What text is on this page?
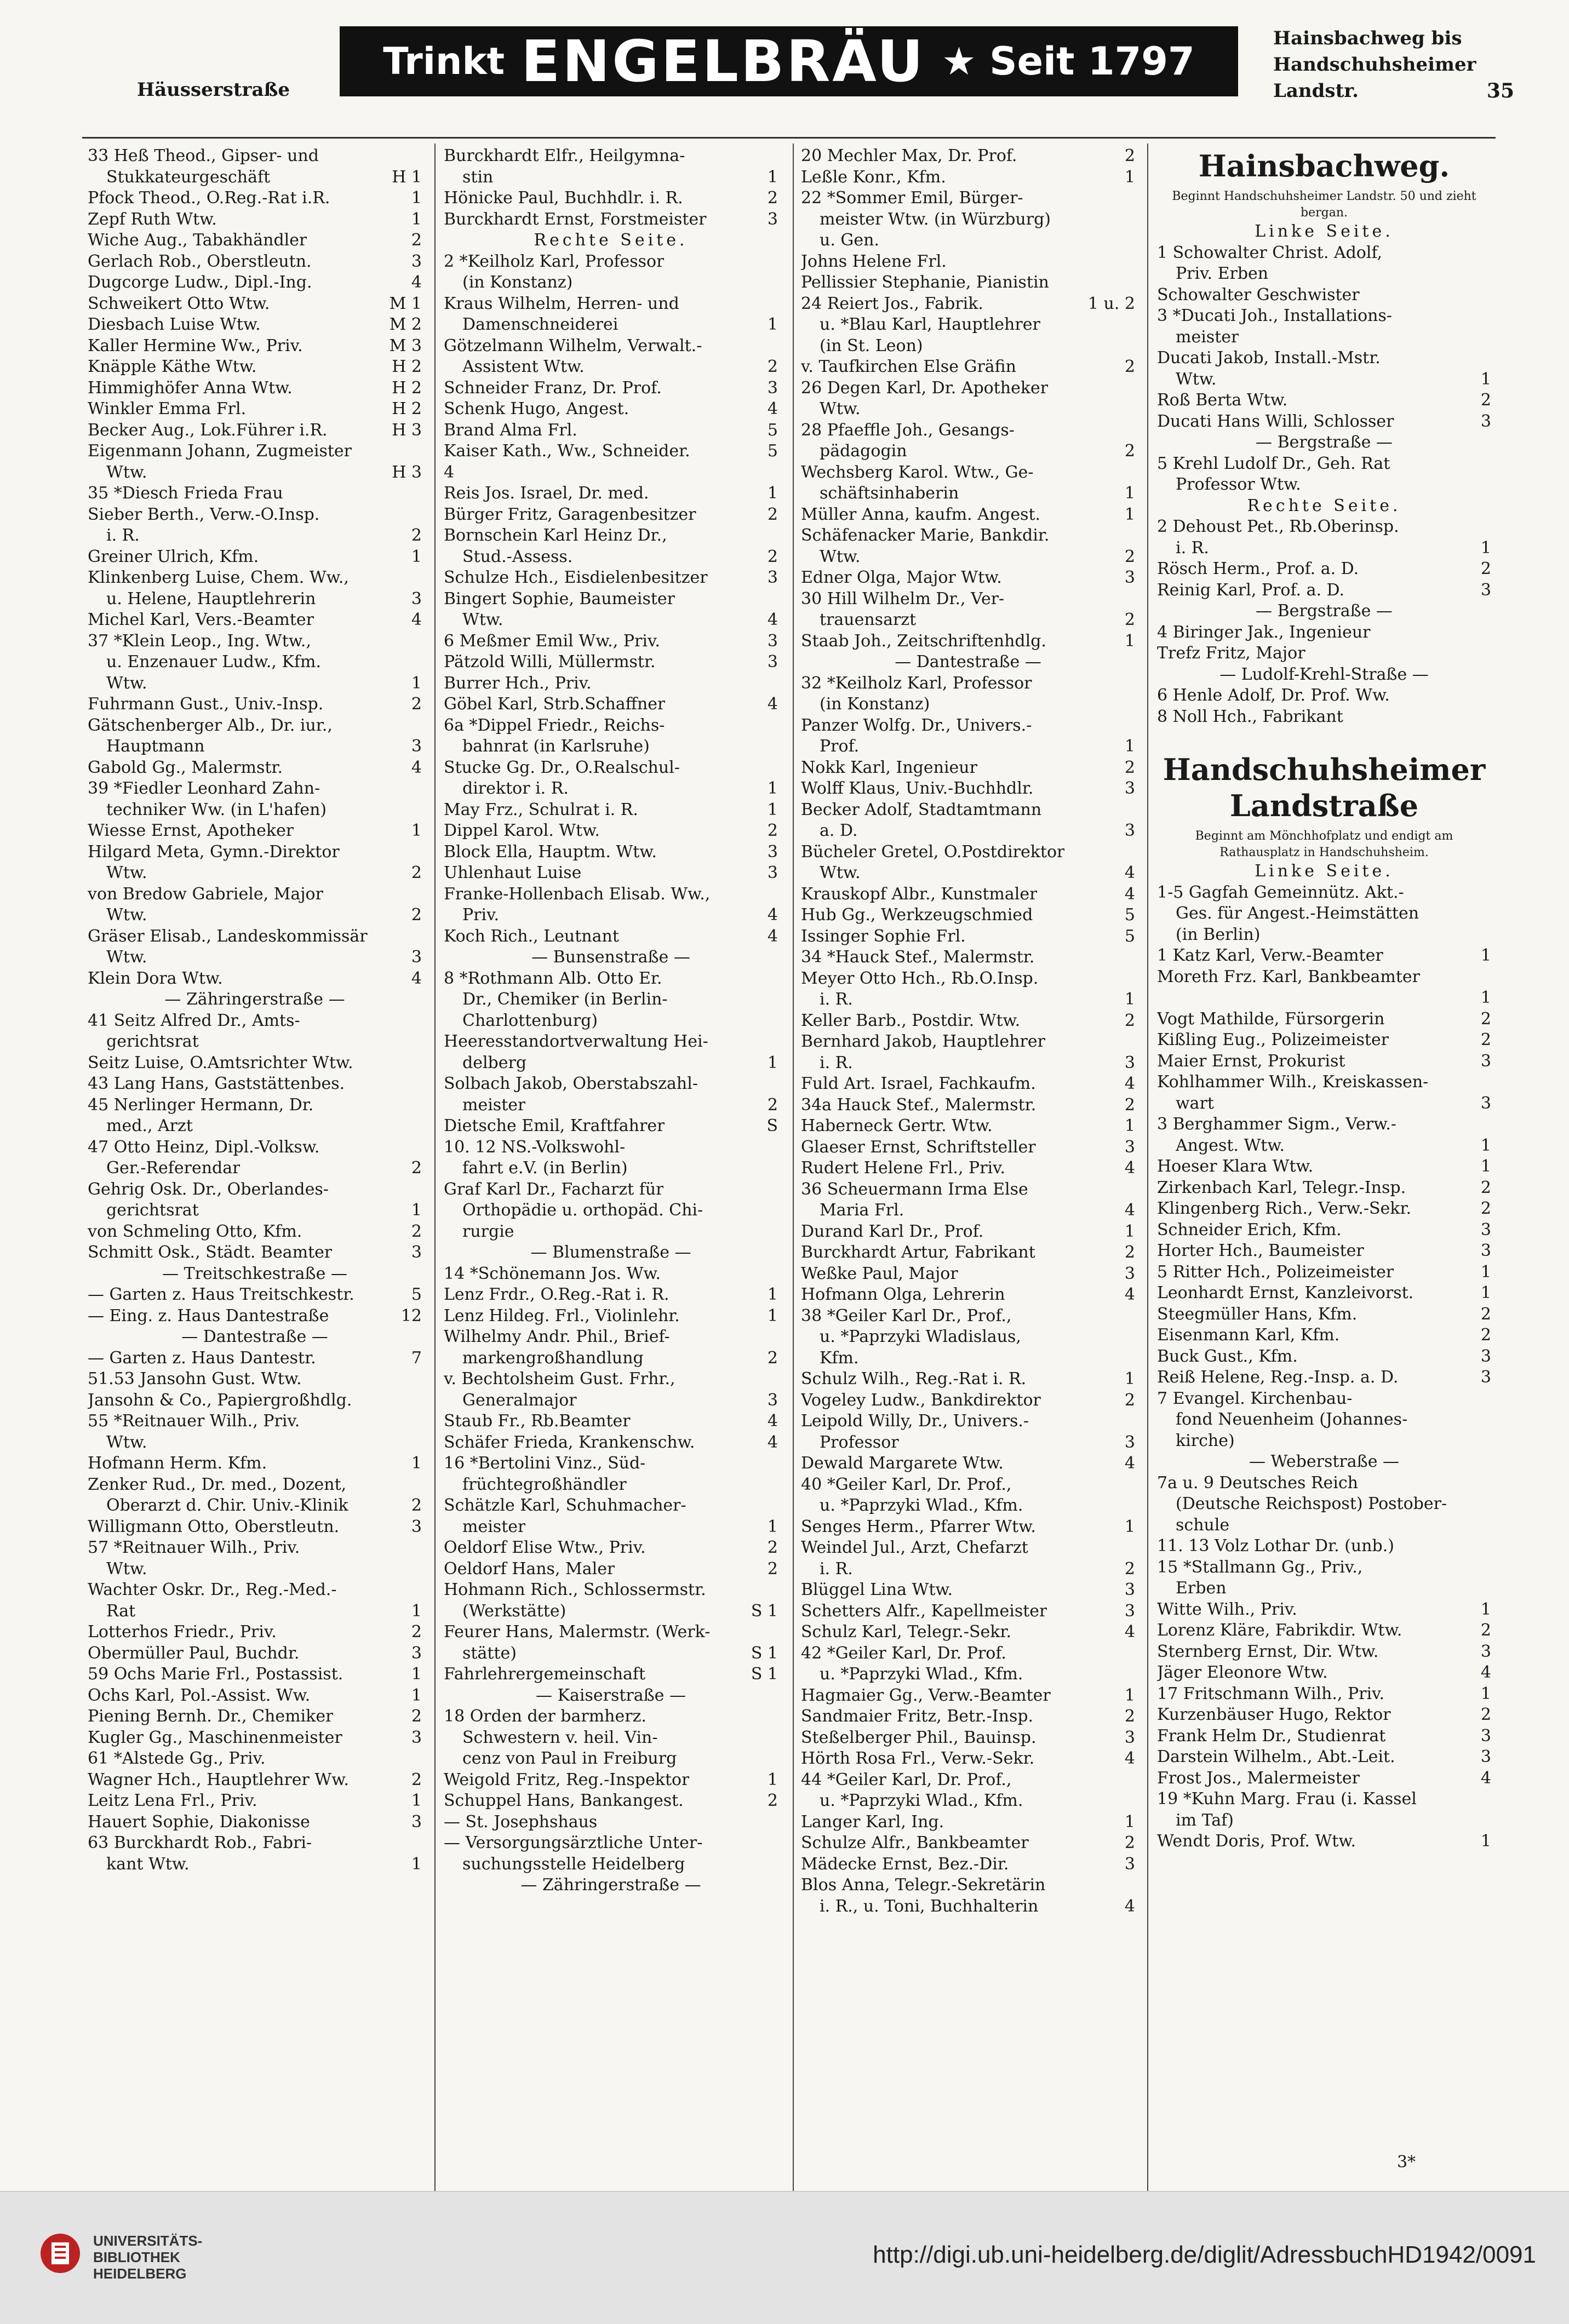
Trinkt ENGELBRÄU ★ Seit 1797
Häusserstraße
Hainsbachweg bis
Handschuhsheimer
Landstr.	35
33 Heß Theod., Gipser- und
Stukkateurgeschäft	H 1
Pfock Theod., O.Reg.-Rat i.R.	1
Zepf Ruth Wtw.	1
Wiche Aug., Tabakhändler	2
Gerlach Rob., Oberstleutn.	3
Dugcorge Ludw., Dipl.-Ing.	4
Schweikert Otto Wtw.	M 1
Diesbach Luise Wtw.	M 2
Kaller Hermine Ww., Priv.	M 3
Knäpple Käthe Wtw.	H 2
Himmighöfer Anna Wtw.	H 2
Winkler Emma Frl.	H 2
Becker Aug., Lok.Führer i.R.	H 3
Eigenmann Johann, Zugmeister
Wtw.	H 3
35 *Diesch Frieda Frau
Sieber Berth., Verw.-O.Insp.
i. R.	2
Greiner Ulrich, Kfm.	1
Klinkenberg Luise, Chem. Ww.,
u. Helene, Hauptlehrerin	3
Michel Karl, Vers.-Beamter	4
37 *Klein Leop., Ing. Wtw.,
u. Enzenauer Ludw., Kfm.
Wtw.	1
Fuhrmann Gust., Univ.-Insp.	2
Gätschenberger Alb., Dr. iur.,
Hauptmann	3
Gabold Gg., Malermstr.	4
39 *Fiedler Leonhard Zahn-
techniker Ww. (in L'hafen)
Wiesse Ernst, Apotheker	1
Hilgard Meta, Gymn.-Direktor
Wtw.	2
von Bredow Gabriele, Major
Wtw.	2
Gräser Elisab., Landeskommissär
Wtw.	3
Klein Dora Wtw.	4
— Zähringerstraße —
41 Seitz Alfred Dr., Amts-
gerichtsrat
Seitz Luise, O.Amtsrichter Wtw.
43 Lang Hans, Gaststättenbes.
45 Nerlinger Hermann, Dr.
med., Arzt
47 Otto Heinz, Dipl.-Volksw.
Ger.-Referendar	2
Gehrig Osk. Dr., Oberlandes-
gerichtsrat	1
von Schmeling Otto, Kfm.	2
Schmitt Osk., Städt. Beamter	3
— Treitschkestraße —
— Garten z. Haus Treitschkestr.	5
— Eing. z. Haus Dantestraße	12
— Dantestraße —
— Garten z. Haus Dantestr.	7
51.53 Jansohn Gust. Wtw.
Jansohn & Co., Papiergroßhdlg.
55 *Reitnauer Wilh., Priv.
Wtw.
Hofmann Herm. Kfm.	1
Zenker Rud., Dr. med., Dozent,
Oberarzt d. Chir. Univ.-Klinik	2
Willigmann Otto, Oberstleutn.	3
57 *Reitnauer Wilh., Priv.
Wtw.
Wachter Oskr. Dr., Reg.-Med.-
Rat	1
Lotterhos Friedr., Priv.	2
Obermüller Paul, Buchdr.	3
59 Ochs Marie Frl., Postassist.	1
Ochs Karl, Pol.-Assist. Ww.	1
Piening Bernh. Dr., Chemiker	2
Kugler Gg., Maschinenmeister	3
61 *Alstede Gg., Priv.
Wagner Hch., Hauptlehrer Ww.	2
Leitz Lena Frl., Priv.	1
Hauert Sophie, Diakonisse	3
63 Burckhardt Rob., Fabri-
kant Wtw.	1
Burckhardt Elfr., Heilgymna-
stin	1
Hönicke Paul, Buchhdlr. i. R.	2
Burckhardt Ernst, Forstmeister	3
Rechte Seite.
2 *Keilholz Karl, Professor
(in Konstanz)
Kraus Wilhelm, Herren- und
Damenschneiderei	1
Götzelmann Wilhelm, Verwalt.-
Assistent Wtw.	2
Schneider Franz, Dr. Prof.	3
Schenk Hugo, Angest.	4
Brand Alma Frl.	5
Kaiser Kath., Ww., Schneider.	5
4
Reis Jos. Israel, Dr. med.	1
Bürger Fritz, Garagenbesitzer	2
Bornschein Karl Heinz Dr.,
Stud.-Assess.	2
Schulze Hch., Eisdielenbesitzer	3
Bingert Sophie, Baumeister
Wtw.	4
6 Meßmer Emil Ww., Priv.	3
Pätzold Willi, Müllermstr.	3
Burrer Hch., Priv.
Göbel Karl, Strb.Schaffner	4
6a *Dippel Friedr., Reichs-
bahnrat (in Karlsruhe)
Stucke Gg. Dr., O.Realschul-
direktor i. R.	1
May Frz., Schulrat i. R.	1
Dippel Karol. Wtw.	2
Block Ella, Hauptm. Wtw.	3
Uhlenhaut Luise	3
Franke-Hollenbach Elisab. Ww.,
Priv.	4
Koch Rich., Leutnant	4
— Bunsenstraße —
8 *Rothmann Alb. Otto Er.
Dr., Chemiker (in Berlin-
Charlottenburg)
Heeresstandortverwaltung Hei-
delberg	1
Solbach Jakob, Oberstabszahl-
meister	2
Dietsche Emil, Kraftfahrer	S
10. 12 NS.-Volkswohl-
fahrt e.V. (in Berlin)
Graf Karl Dr., Facharzt für
Orthopädie u. orthopäd. Chi-
rurgie
— Blumenstraße —
14 *Schönemann Jos. Ww.
Lenz Frdr., O.Reg.-Rat i. R.	1
Lenz Hildeg. Frl., Violinlehr.	1
Wilhelmy Andr. Phil., Brief-
markengroßhandlung	2
v. Bechtolsheim Gust. Frhr.,
Generalmajor	3
Staub Fr., Rb.Beamter	4
Schäfer Frieda, Krankenschw.	4
16 *Bertolini Vinz., Süd-
früchtegroßhändler
Schätzle Karl, Schuhmacher-
meister	1
Oeldorf Elise Wtw., Priv.	2
Oeldorf Hans, Maler	2
Hohmann Rich., Schlossermstr.
(Werkstätte)	S 1
Feurer Hans, Malermstr. (Werk-
stätte)	S 1
Fahrlehrergemeinschaft	S 1
— Kaiserstraße —
18 Orden der barmherz.
Schwestern v. heil. Vin-
cenz von Paul in Freiburg
Weigold Fritz, Reg.-Inspektor	1
Schuppel Hans, Bankangest.	2
— St. Josephshaus
— Versorgungsärztliche Unter-
suchungsstelle Heidelberg
— Zähringerstraße —
20 Mechler Max, Dr. Prof.	2
Leßle Konr., Kfm.	1
22 *Sommer Emil, Bürger-
meister Wtw. (in Würzburg)
u. Gen.
Johns Helene Frl.
Pellissier Stephanie, Pianistin
24 Reiert Jos., Fabrik.	1 u. 2
u. *Blau Karl, Hauptlehrer
(in St. Leon)
v. Taufkirchen Else Gräfin	2
26 Degen Karl, Dr. Apotheker
Wtw.
28 Pfaeffle Joh., Gesangs-
pädagogin	2
Wechsberg Karol. Wtw., Ge-
schäftsinhaberin	1
Müller Anna, kaufm. Angest.	1
Schäfenacker Marie, Bankdir.
Wtw.	2
Edner Olga, Major Wtw.	3
30 Hill Wilhelm Dr., Ver-
trauensarzt	2
Staab Joh., Zeitschriftenhdlg.	1
— Dantestraße —
32 *Keilholz Karl, Professor
(in Konstanz)
Panzer Wolfg. Dr., Univers.-
Prof.	1
Nokk Karl, Ingenieur	2
Wolff Klaus, Univ.-Buchhdlr.	3
Becker Adolf, Stadtamtmann
a. D.	3
Bücheler Gretel, O.Postdirektor
Wtw.	4
Krauskopf Albr., Kunstmaler	4
Hub Gg., Werkzeugschmied	5
Issinger Sophie Frl.	5
34 *Hauck Stef., Malermstr.
Meyer Otto Hch., Rb.O.Insp.
i. R.	1
Keller Barb., Postdir. Wtw.	2
Bernhard Jakob, Hauptlehrer
i. R.	3
Fuld Art. Israel, Fachkaufm.	4
34a Hauck Stef., Malermstr.	2
Haberneck Gertr. Wtw.	1
Glaeser Ernst, Schriftsteller	3
Rudert Helene Frl., Priv.	4
36 Scheuermann Irma Else
Maria Frl.	4
Durand Karl Dr., Prof.	1
Burckhardt Artur, Fabrikant	2
Weßke Paul, Major	3
Hofmann Olga, Lehrerin	4
38 *Geiler Karl Dr., Prof.,
u. *Paprzyki Wladislaus,
Kfm.
Schulz Wilh., Reg.-Rat i. R.	1
Vogeley Ludw., Bankdirektor	2
Leipold Willy, Dr., Univers.-
Professor	3
Dewald Margarete Wtw.	4
40 *Geiler Karl, Dr. Prof.,
u. *Paprzyki Wlad., Kfm.
Senges Herm., Pfarrer Wtw.	1
Weindel Jul., Arzt, Chefarzt
i. R.	2
Blüggel Lina Wtw.	3
Schetters Alfr., Kapellmeister	3
Schulz Karl, Telegr.-Sekr.	4
42 *Geiler Karl, Dr. Prof.
u. *Paprzyki Wlad., Kfm.
Hagmaier Gg., Verw.-Beamter	1
Sandmaier Fritz, Betr.-Insp.	2
Steßelberger Phil., Bauinsp.	3
Hörth Rosa Frl., Verw.-Sekr.	4
44 *Geiler Karl, Dr. Prof.,
u. *Paprzyki Wlad., Kfm.
Langer Karl, Ing.	1
Schulze Alfr., Bankbeamter	2
Mädecke Ernst, Bez.-Dir.	3
Blos Anna, Telegr.-Sekretärin
i. R., u. Toni, Buchhalterin	4
Hainsbachweg.
Beginnt Handschuhsheimer Landstr. 50 und zieht bergan.
Linke Seite.
1 Schowalter Christ. Adolf,
Priv. Erben
Schowalter Geschwister
3 *Ducati Joh., Installations-
meister
Ducati Jakob, Install.-Mstr.
Wtw.	1
Roß Berta Wtw.	2
Ducati Hans Willi, Schlosser	3
— Bergstraße —
5 Krehl Ludolf Dr., Geh. Rat
Professor Wtw.
Rechte Seite.
2 Dehoust Pet., Rb.Oberinsp.
i. R.	1
Rösch Herm., Prof. a. D.	2
Reinig Karl, Prof. a. D.	3
— Bergstraße —
4 Biringer Jak., Ingenieur
Trefz Fritz, Major
— Ludolf-Krehl-Straße —
6 Henle Adolf, Dr. Prof. Ww.
8 Noll Hch., Fabrikant
Handschuhsheimer Landstraße
Beginnt am Mönchhofplatz und endigt am Rathausplatz in Handschuhsheim.
Linke Seite.
1-5 Gagfah Gemeinnütz. Akt.-
Ges. für Angest.-Heimstätten
(in Berlin)
1 Katz Karl, Verw.-Beamter	1
Moreth Frz. Karl, Bankbeamter
1
Vogt Mathilde, Fürsorgerin	2
Kißling Eug., Polizeimeister	2
Maier Ernst, Prokurist	3
Kohlhammer Wilh., Kreiskassen-
wart	3
3 Berghammer Sigm., Verw.-
Angest. Wtw.	1
Hoeser Klara Wtw.	1
Zirkenbach Karl, Telegr.-Insp.	2
Klingenberg Rich., Verw.-Sekr.	2
Schneider Erich, Kfm.	3
Horter Hch., Baumeister	3
5 Ritter Hch., Polizeimeister	1
Leonhardt Ernst, Kanzleivorst.	1
Steegmüller Hans, Kfm.	2
Eisenmann Karl, Kfm.	2
Buck Gust., Kfm.	3
Reiß Helene, Reg.-Insp. a. D.	3
7 Evangel. Kirchenbau-
fond Neuenheim (Johannes-
kirche)
— Weberstraße —
7a u. 9 Deutsches Reich
(Deutsche Reichspost) Postober-
schule
11. 13 Volz Lothar Dr. (unb.)
15 *Stallmann Gg., Priv.,
Erben
Witte Wilh., Priv.	1
Lorenz Kläre, Fabrikdir. Wtw.	2
Sternberg Ernst, Dir. Wtw.	3
Jäger Eleonore Wtw.	4
17 Fritschmann Wilh., Priv.	1
Kurzenbäuser Hugo, Rektor	2
Frank Helm Dr., Studienrat	3
Darstein Wilhelm., Abt.-Leit.	3
Frost Jos., Malermeister	4
19 *Kuhn Marg. Frau (i. Kassel
im Taf)
Wendt Doris, Prof. Wtw.	1
3*
UNIVERSITÄTS-
BIBLIOTHEK
HEIDELBERG
http://digi.ub.uni-heidelberg.de/diglit/AdressbuchHD1942/0091
